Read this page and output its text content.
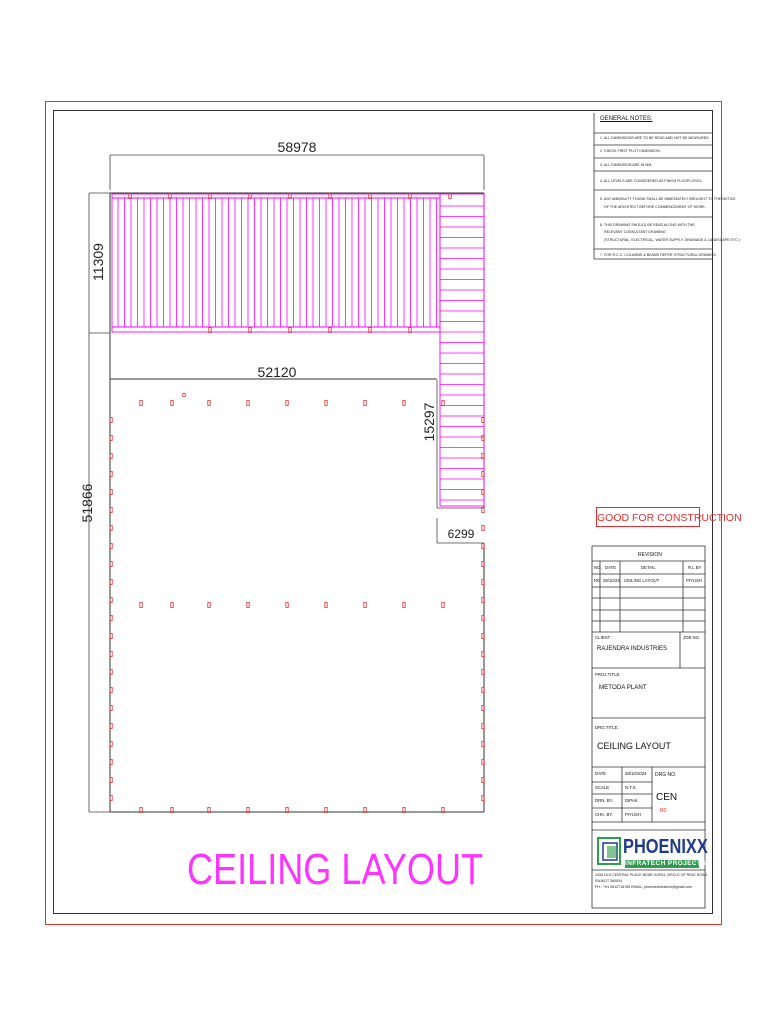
58978
52120
11309
51866
15297
6299
GENERAL NOTES:
1. ALL DIMENSIONS ARE TO BE READ AND NOT BE MEASURED.
2. CHECK FIRST PLOT DIMENSION.
3. ALL DIMENSION ARE IN MM.
4. ALL LEVELS ARE CONSIDERED AS FINISH FLOOR LEVEL.
5. ANY AMBIGUITY FOUND SHALL BE IMMEDIATELY BROUGHT TO THE NOTICE
OF THE ARCHITECT BEFORE COMMENCEMENT OF WORK.
6. THIS DRAWING SHOULD BE READ ALONG WITH THE
RELEVANT CONSULTANT DRAWING
(STRUCTURAL, ELECTRICAL, WATER SUPPLY, DRAINAGE & LANDSCAPE ETC.)
7. FOR R.C.C. COLUMNS & BEAMS REFER STRUCTURAL DRAWING.
GOOD FOR CONSTRUCTION
REVISION
NO. DATE	DETAIL	R.L BY
R0 28/10/24 CEILING LAYOUT	PIYUSH
CLIENT :
RAJENDRA INDUSTRIES
JOB NO.
PROJ.TITLE:
METODA PLANT
DRG.TITLE:
CEILING LAYOUT
DATE	28/10/2024
SCALE	N.T.S.
DRN. BY.	DIPAK
CHK. BY.	PIYUSH
DRG NO.
CEN
R0
PHOENIXX
INFRATECH PROJECTS
1008 DLH CENTRAL PLACE NEAR GOPAL CIRCLE OF RING ROAD
RAJKOT 360004
PH.: +91 9512718785 EMAIL: phoenixxinfratech@gmail.com
CEILING LAYOUT
